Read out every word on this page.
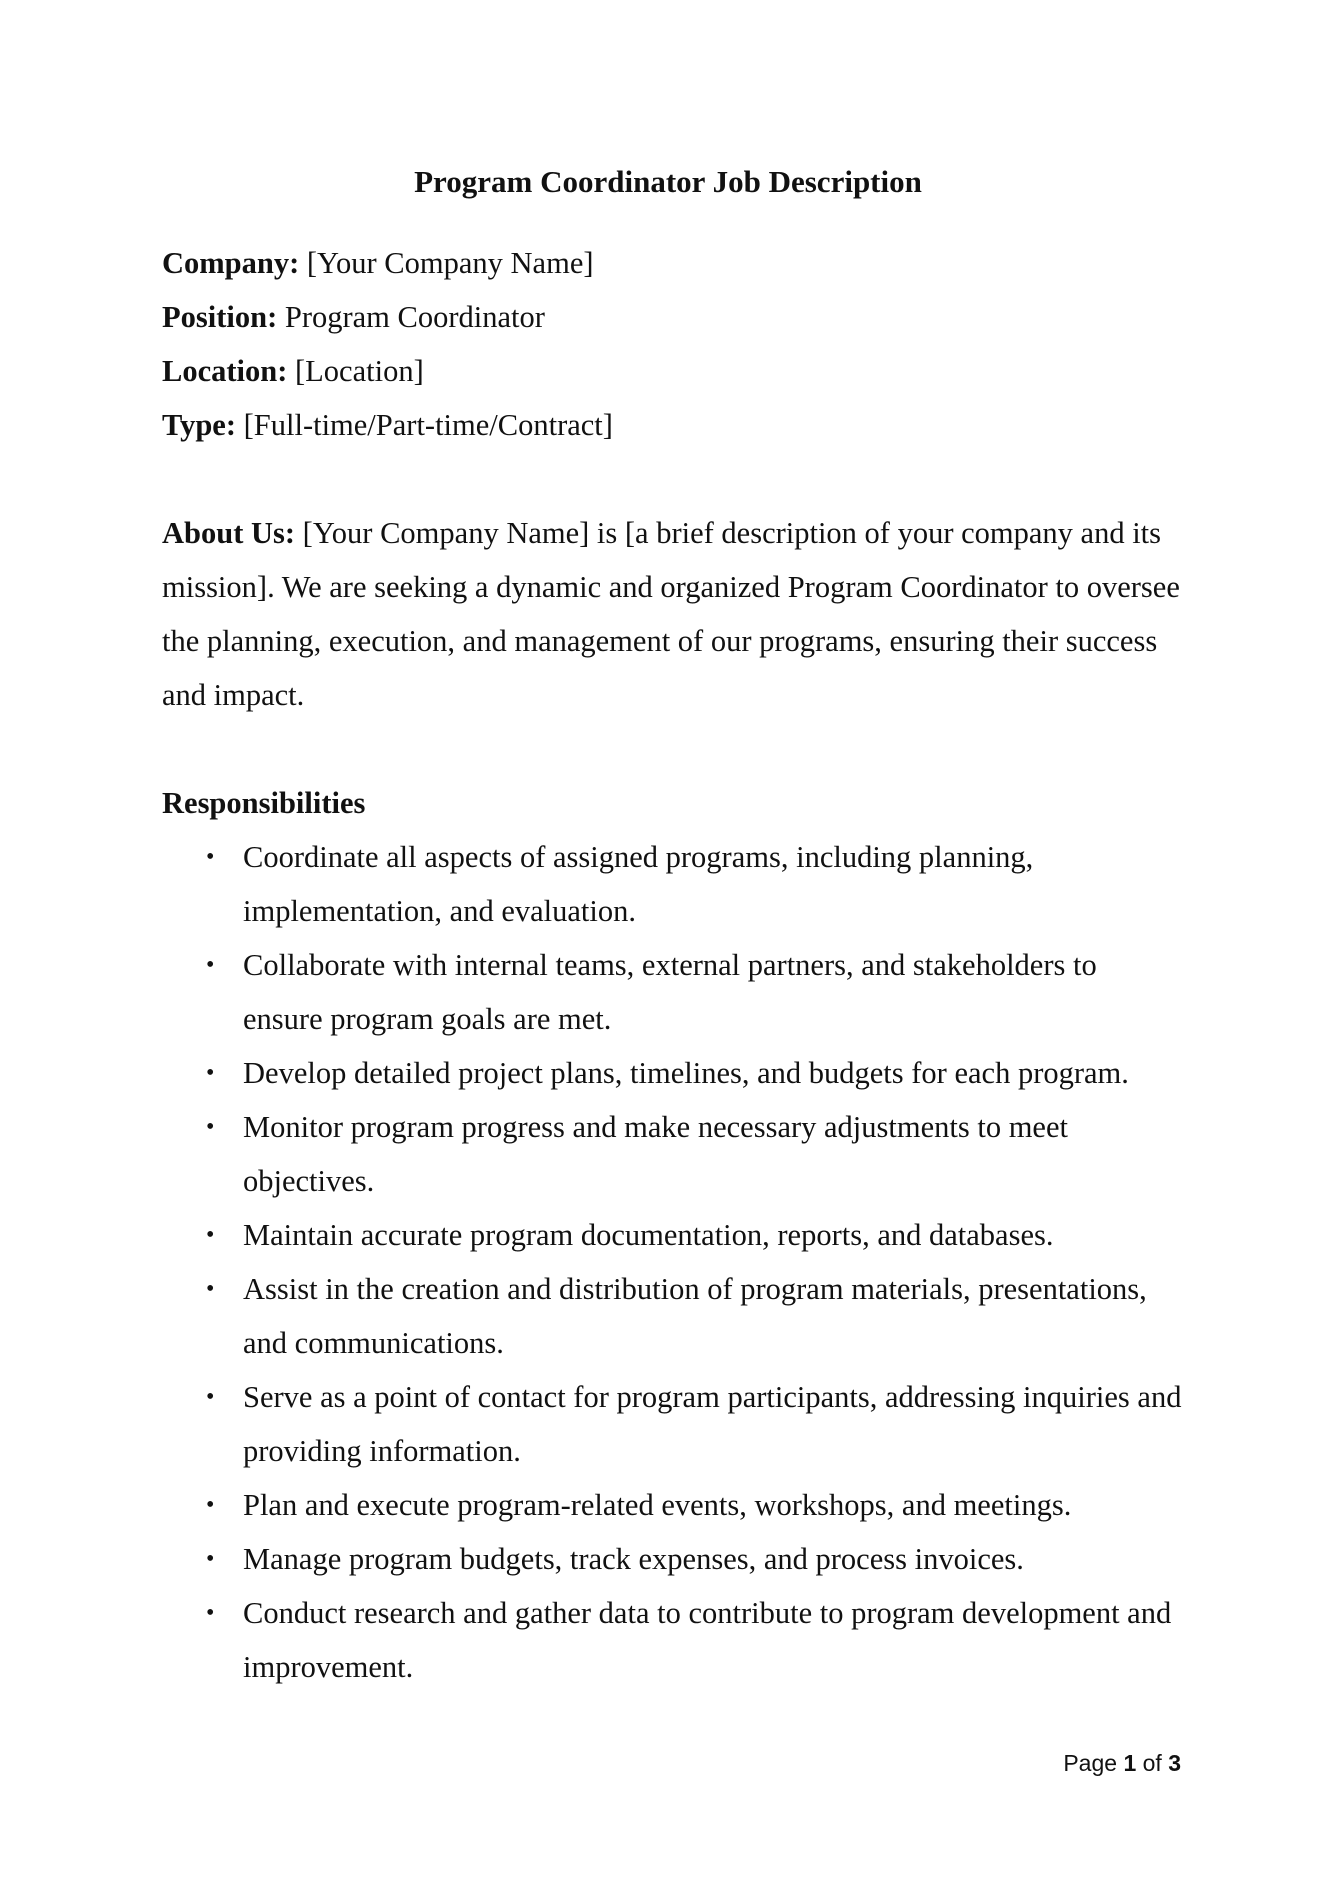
Program Coordinator Job Description

Company: [Your Company Name]

Position: Program Coordinator

Location: [Location]

Type: [Full-time/Part-time/Contract]

About Us: [Your Company Name] is [a brief description of your company and its mission]. We are seeking a dynamic and organized Program Coordinator to oversee the planning, execution, and management of our programs, ensuring their success and impact.

Responsibilities

• Coordinate all aspects of assigned programs, including planning, implementation, and evaluation.
• Collaborate with internal teams, external partners, and stakeholders to ensure program goals are met.
• Develop detailed project plans, timelines, and budgets for each program.
• Monitor program progress and make necessary adjustments to meet objectives.
• Maintain accurate program documentation, reports, and databases.
• Assist in the creation and distribution of program materials, presentations, and communications.
• Serve as a point of contact for program participants, addressing inquiries and providing information.
• Plan and execute program-related events, workshops, and meetings.
• Manage program budgets, track expenses, and process invoices.
• Conduct research and gather data to contribute to program development and improvement.
Page 1 of 3
